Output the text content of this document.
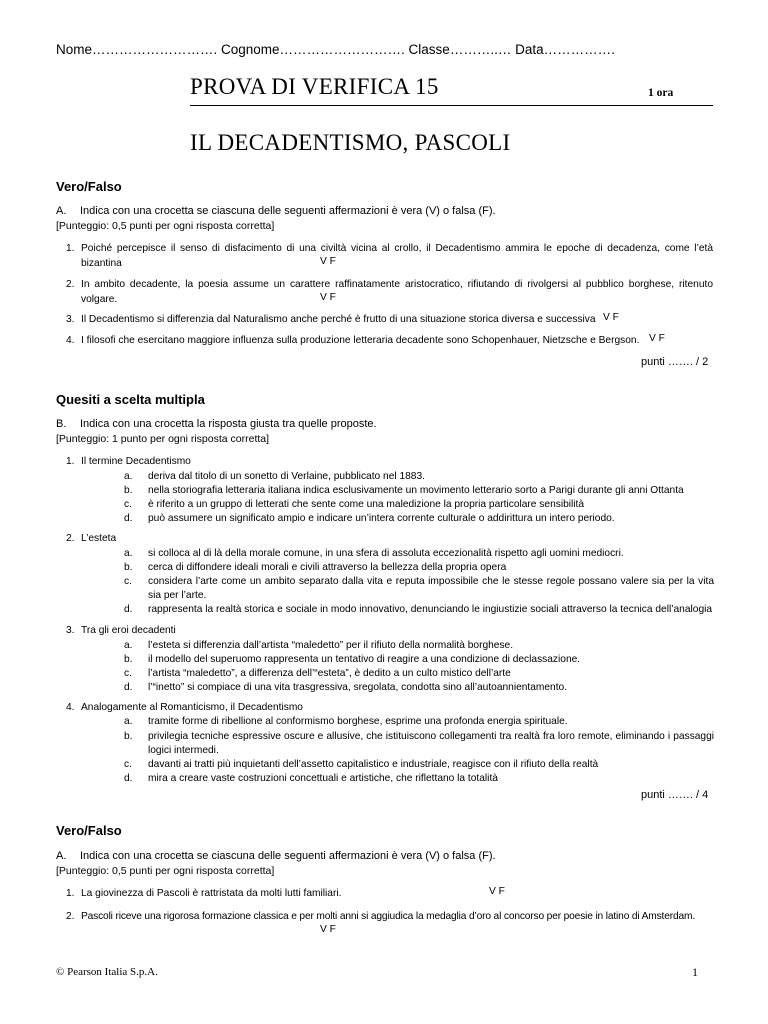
Nome………………………. Cognome………………………. Classe………..… Data…………….
PROVA DI VERIFICA 15	1 ora
IL DECADENTISMO, PASCOLI
Vero/Falso
A. Indica con una crocetta se ciascuna delle seguenti affermazioni è vera (V) o falsa (F).
[Punteggio: 0,5 punti per ogni risposta corretta]
1. Poiché percepisce il senso di disfacimento di una civiltà vicina al crollo, il Decadentismo ammira le epoche di decadenza, come l’età bizantina	V F
2. In ambito decadente, la poesia assume un carattere raffinatamente aristocratico, rifiutando di rivolgersi al pubblico borghese, ritenuto volgare.	V F
3. Il Decadentismo si differenzia dal Naturalismo anche perché è frutto di una situazione storica diversa e successiva V F
4. I filosofi che esercitano maggiore influenza sulla produzione letteraria decadente sono Schopenhauer, Nietzsche e Bergson. V F
punti ……. / 2
Quesiti a scelta multipla
B. Indica con una crocetta la risposta giusta tra quelle proposte.
[Punteggio: 1 punto per ogni risposta corretta]
1. Il termine Decadentismo
a. deriva dal titolo di un sonetto di Verlaine, pubblicato nel 1883.
b. nella storiografia letteraria italiana indica esclusivamente un movimento letterario sorto a Parigi durante gli anni Ottanta
c. è riferito a un gruppo di letterati che sente come una maledizione la propria particolare sensibilità
d. può assumere un significato ampio e indicare un’intera corrente culturale o addirittura un intero periodo.
2. L’esteta
a. si colloca al di là della morale comune, in una sfera di assoluta eccezionalità rispetto agli uomini mediocri.
b. cerca di diffondere ideali morali e civili attraverso la bellezza della propria opera
c. considera l’arte come un ambito separato dalla vita e reputa impossibile che le stesse regole possano valere sia per la vita sia per l’arte.
d. rappresenta la realtà storica e sociale in modo innovativo, denunciando le ingiustizie sociali attraverso la tecnica dell’analogia
3. Tra gli eroi decadenti
a. l’esteta si differenzia dall’artista “maledetto” per il rifiuto della normalità borghese.
b. il modello del superuomo rappresenta un tentativo di reagire a una condizione di declassazione.
c. l’artista “maledetto”, a differenza dell’“esteta”, è dedito a un culto mistico dell’arte
d. l’“inetto” si compiace di una vita trasgressiva, sregolata, condotta sino all’autoannientamento.
4. Analogamente al Romanticismo, il Decadentismo
a. tramite forme di ribellione al conformismo borghese, esprime una profonda energia spirituale.
b. privilegia tecniche espressive oscure e allusive, che istituiscono collegamenti tra realtà fra loro remote, eliminando i passaggi logici intermedi.
c. davanti ai tratti più inquietanti dell’assetto capitalistico e industriale, reagisce con il rifiuto della realtà
d. mira a creare vaste costruzioni concettuali e artistiche, che riflettano la totalità
punti ……. / 4
Vero/Falso
A. Indica con una crocetta se ciascuna delle seguenti affermazioni è vera (V) o falsa (F).
[Punteggio: 0,5 punti per ogni risposta corretta]
1. La giovinezza di Pascoli è rattristata da molti lutti familiari.	V F
2. Pascoli riceve una rigorosa formazione classica e per molti anni si aggiudica la medaglia d’oro al concorso per poesie in latino di Amsterdam.
V F
© Pearson Italia S.p.A.	1
